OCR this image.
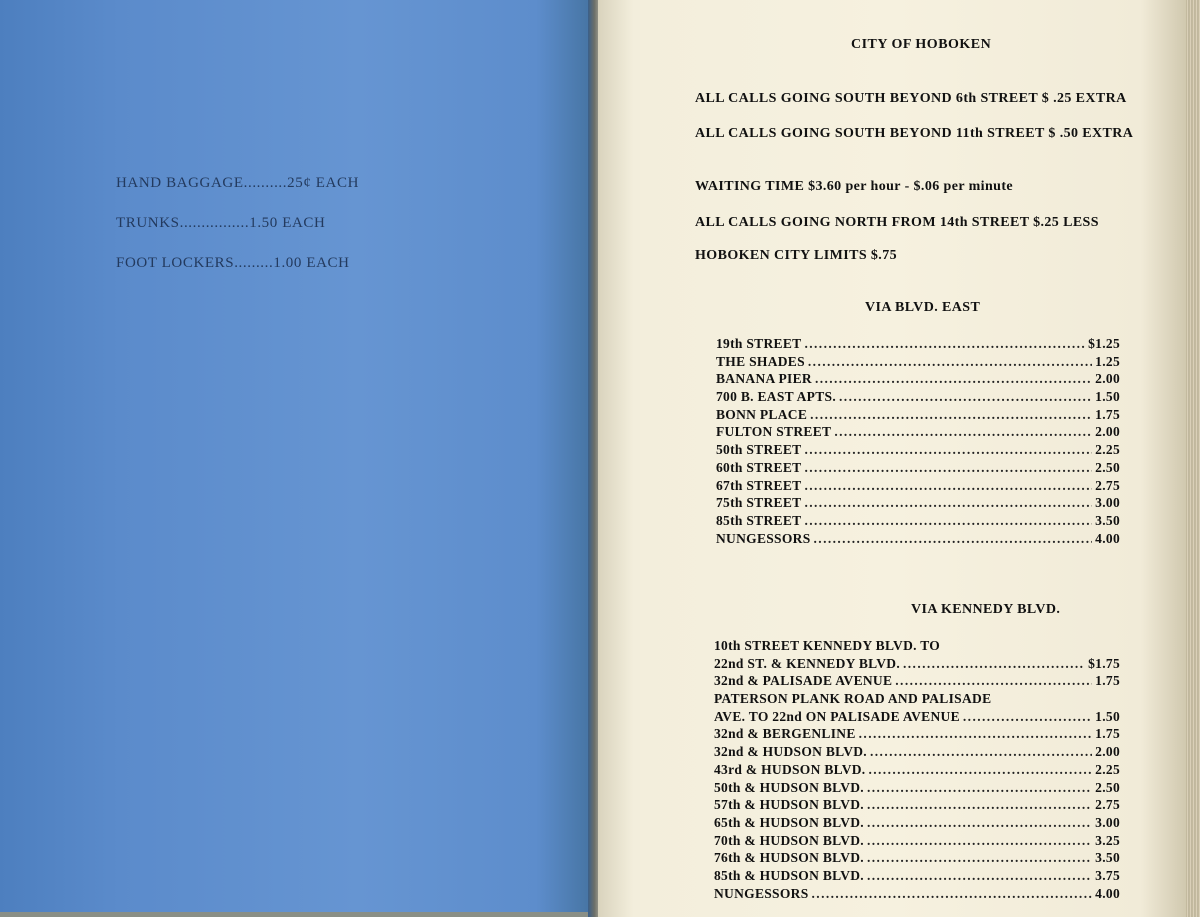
HAND BAGGAGE..........25¢ EACH
TRUNKS................1.50 EACH
FOOT LOCKERS.........1.00 EACH
CITY OF HOBOKEN
ALL CALLS GOING SOUTH BEYOND 6th STREET $ .25 EXTRA
ALL CALLS GOING SOUTH BEYOND 11th STREET $ .50 EXTRA
WAITING TIME $3.60 per hour - $.06 per minute
ALL CALLS GOING NORTH FROM 14th STREET $.25 LESS
HOBOKEN CITY LIMITS $.75
VIA BLVD. EAST
19th STREET .....	$1.25
THE SHADES .....	1.25
BANANA PIER .....	2.00
700 B. EAST APTS. .....	1.50
BONN PLACE .....	1.75
FULTON STREET .....	2.00
50th STREET .....	2.25
60th STREET .....	2.50
67th STREET .....	2.75
75th STREET .....	3.00
85th STREET .....	3.50
NUNGESSORS .....	4.00
VIA KENNEDY BLVD.
10th STREET KENNEDY BLVD. TO
22nd ST. & KENNEDY BLVD. .....	$1.75
32nd & PALISADE AVENUE .....	1.75
PATERSON PLANK ROAD AND PALISADE
AVE. TO 22nd ON PALISADE AVENUE .....	1.50
32nd & BERGENLINE .....	1.75
32nd & HUDSON BLVD. .....	2.00
43rd & HUDSON BLVD. .....	2.25
50th & HUDSON BLVD. .....	2.50
57th & HUDSON BLVD. .....	2.75
65th & HUDSON BLVD. .....	3.00
70th & HUDSON BLVD. .....	3.25
76th & HUDSON BLVD. .....	3.50
85th & HUDSON BLVD. .....	3.75
NUNGESSORS .....	4.00
